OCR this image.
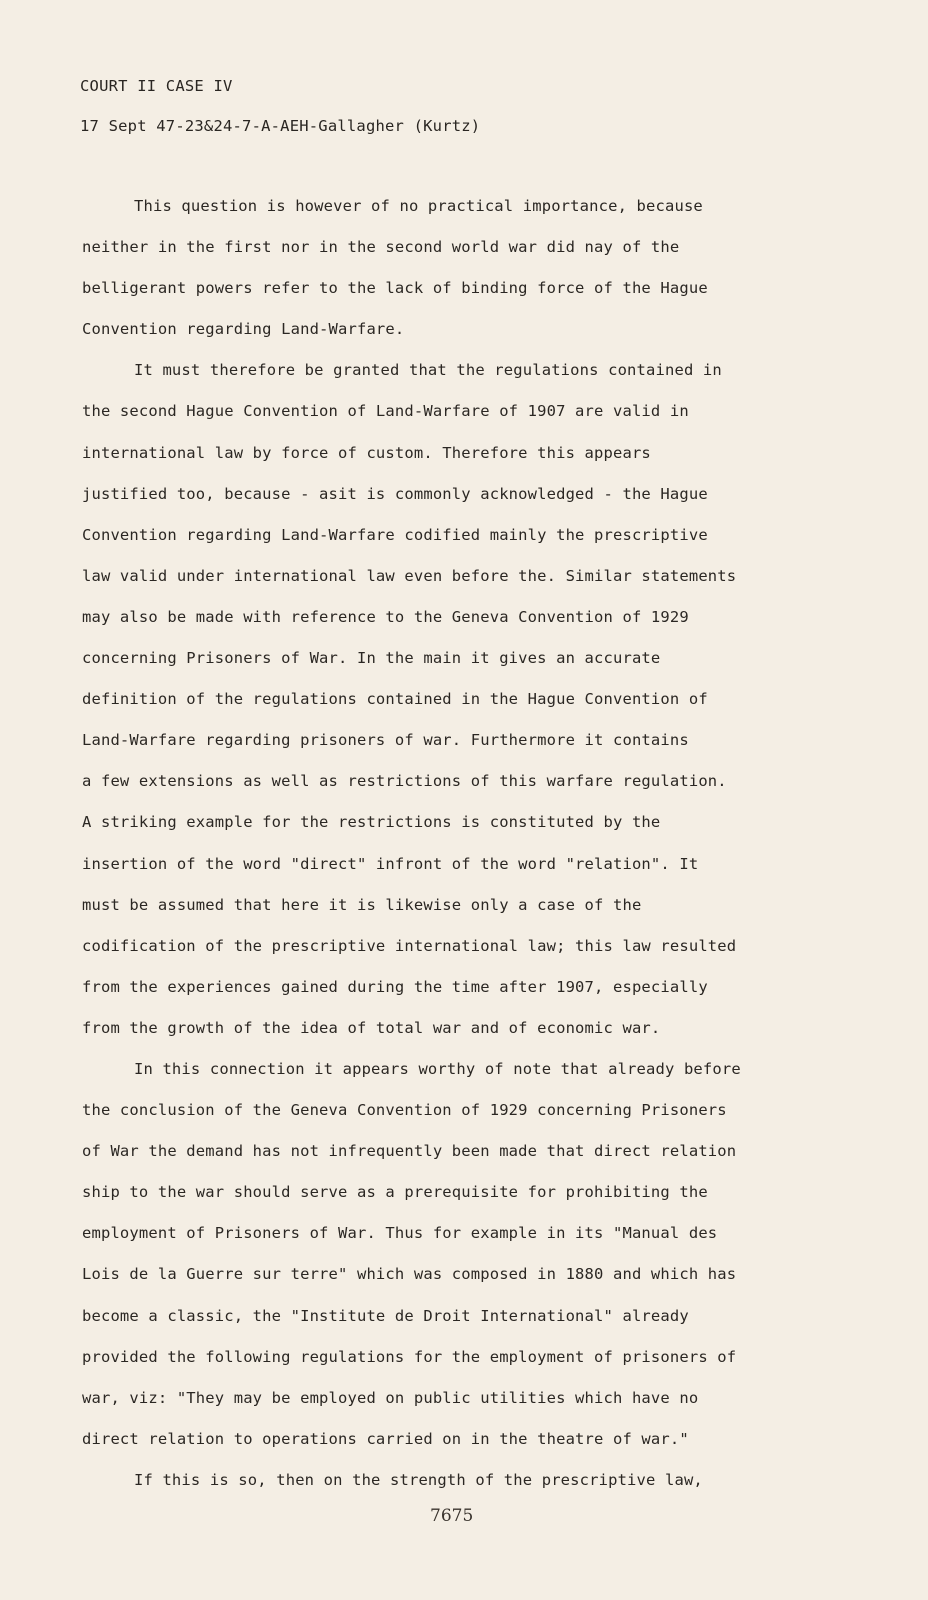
COURT II CASE IV
17 Sept 47-23&24-7-A-AEH-Gallagher (Kurtz)
This question is however of no practical importance, because
neither in the first nor in the second world war did nay of the
belligerant powers refer to the lack of binding force of the Hague
Convention regarding Land-Warfare.
It must therefore be granted that the regulations contained in
the second Hague Convention of Land-Warfare of 1907 are valid in
international law by force of custom. Therefore this appears
justified too, because - asit is commonly acknowledged - the Hague
Convention regarding Land-Warfare codified mainly the prescriptive
law valid under international law even before the. Similar statements
may also be made with reference to the Geneva Convention of 1929
concerning Prisoners of War. In the main it gives an accurate
definition of the regulations contained in the Hague Convention of
Land-Warfare regarding prisoners of war. Furthermore it contains
a few extensions as well as restrictions of this warfare regulation.
A striking example for the restrictions is constituted by the
insertion of the word "direct" infront of the word "relation". It
must be assumed that here it is likewise only a case of the
codification of the prescriptive international law; this law resulted
from the experiences gained during the time after 1907, especially
from the growth of the idea of total war and of economic war.
In this connection it appears worthy of note that already before
the conclusion of the Geneva Convention of 1929 concerning Prisoners
of War the demand has not infrequently been made that direct relation
ship to the war should serve as a prerequisite for prohibiting the
employment of Prisoners of War. Thus for example in its "Manual des
Lois de la Guerre sur terre" which was composed in 1880 and which has
become a classic, the "Institute de Droit International" already
provided the following regulations for the employment of prisoners of
war, viz: "They may be employed on public utilities which have no
direct relation to operations carried on in the theatre of war."
If this is so, then on the strength of the prescriptive law,
7675
